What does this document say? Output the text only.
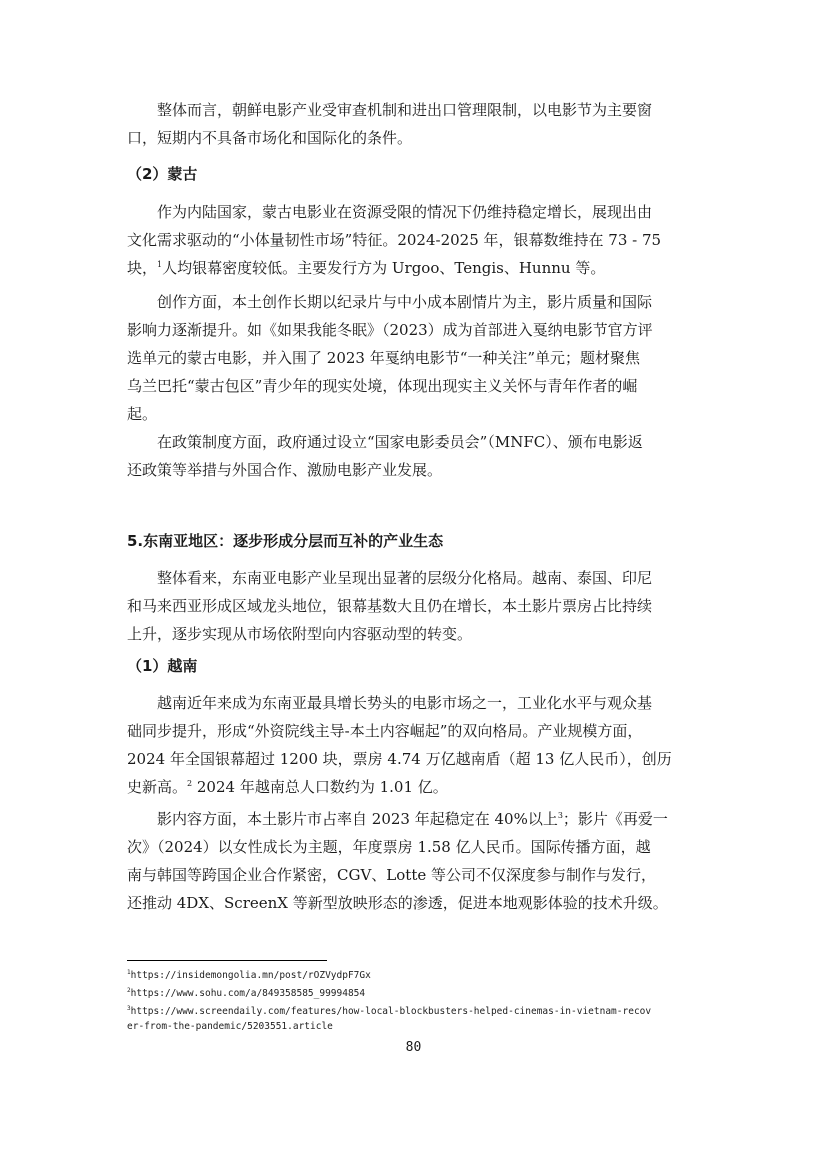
整体而言，朝鲜电影产业受审查机制和进出口管理限制，以电影节为主要窗
口，短期内不具备市场化和国际化的条件。

（2）蒙古

作为内陆国家，蒙古电影业在资源受限的情况下仍维持稳定增长，展现出由
文化需求驱动的“小体量韧性市场”特征。2024-2025 年，银幕数维持在 73 - 75
块，$^1$人均银幕密度较低。主要发行方为 Urgoo、Tengis、Hunnu 等。

创作方面，本土创作长期以纪录片与中小成本剧情片为主，影片质量和国际
影响力逐渐提升。如《如果我能冬眠》（2023）成为首部进入戛纳电影节官方评
选单元的蒙古电影，并入围了 2023 年戛纳电影节“一种关注”单元；题材聚焦
乌兰巴托“蒙古包区”青少年的现实处境，体现出现实主义关怀与青年作者的崛
起。

在政策制度方面，政府通过设立“国家电影委员会”（MNFC）、颁布电影返
还政策等举措与外国合作、激励电影产业发展。

5.东南亚地区：逐步形成分层而互补的产业生态

整体看来，东南亚电影产业呈现出显著的层级分化格局。越南、泰国、印尼
和马来西亚形成区域龙头地位，银幕基数大且仍在增长，本土影片票房占比持续
上升，逐步实现从市场依附型向内容驱动型的转变。

（1）越南

越南近年来成为东南亚最具增长势头的电影市场之一，工业化水平与观众基
础同步提升，形成“外资院线主导-本土内容崛起”的双向格局。产业规模方面，
2024 年全国银幕超过 1200 块，票房 4.74 万亿越南盾（超 13 亿人民币），创历
史新高。$^2$ 2024 年越南总人口数约为 1.01 亿。

影内容方面，本土影片市占率自 2023 年起稳定在 40%以上$^3$；影片《再爱一
次》（2024）以女性成长为主题，年度票房 1.58 亿人民币。国际传播方面，越
南与韩国等跨国企业合作紧密，CGV、Lotte 等公司不仅深度参与制作与发行，
还推动 4DX、ScreenX 等新型放映形态的渗透，促进本地观影体验的技术升级。

$^1$https://insidemongolia.mn/post/rOZVydpF7Gx

$^2$https://www.sohu.com/a/849358585_99994854

$^3$https://www.screendaily.com/features/how-local-blockbusters-helped-cinemas-in-vietnam-recov
er-from-the-pandemic/5203551.article

80
